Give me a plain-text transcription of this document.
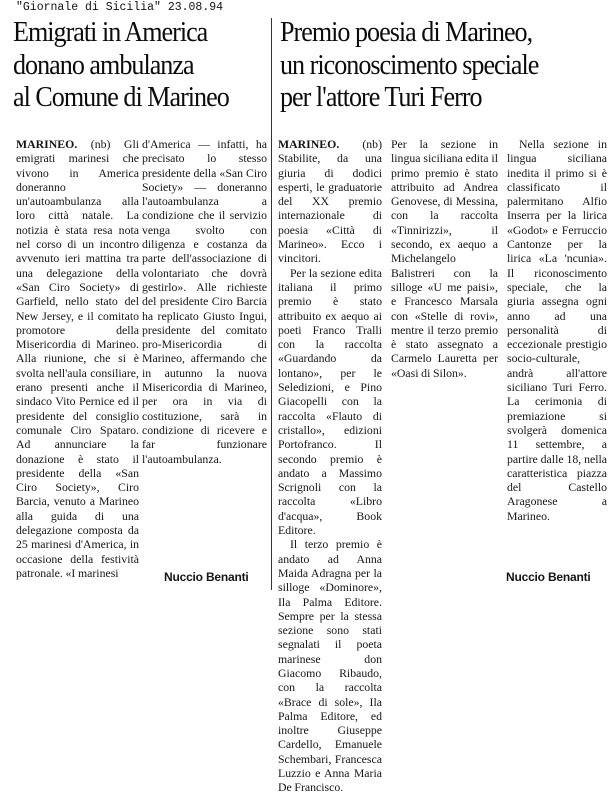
"Giornale di Sicilia" 23.08.94
Emigrati in America
donano ambulanza
al Comune di Marineo
Premio poesia di Marineo,
un riconoscimento speciale
per l'attore Turi Ferro

MARINEO. (nb) Gli emigrati marinesi che vivono in America doneranno un'autoambulanza alla loro città natale. La notizia è stata resa nota nel corso di un incontro avvenuto ieri mattina tra una delegazione della «San Ciro Society» di Garfield, nello stato del New Jersey, e il comitato promotore della Misericordia di Marineo. Alla riunione, che si è svolta nell'aula consiliare, erano presenti anche il sindaco Vito Pernice ed il presidente del consiglio comunale Ciro Spataro. Ad annunciare la donazione è stato il presidente della «San Ciro Society», Ciro Barcia, venuto a Marineo alla guida di una delegazione composta da 25 marinesi d'America, in occasione della festività patronale. «I marinesi

d'America — infatti, ha precisato lo stesso presidente della «San Ciro Society» — doneranno l'autoambulanza a condizione che il servizio venga svolto con diligenza e costanza da parte dell'associazione di volontariato che dovrà gestirlo». Alle richieste del presidente Ciro Barcia ha replicato Giusto Ingui, presidente del comitato pro-Misericordia di Marineo, affermando che in autunno la nuova Misericordia di Marineo, per ora in via di costituzione, sarà in condizione di ricevere e far funzionare l'autoambulanza.

MARINEO. (nb) Stabilite, da una giuria di dodici esperti, le graduatorie del XX premio internazionale di poesia «Città di Marineo». Ecco i vincitori.

Per la sezione edita italiana il primo premio è stato attribuito ex aequo ai poeti Franco Tralli con la raccolta «Guardando da lontano», per le Seledizioni, e Pino Giacopelli con la raccolta «Flauto di cristallo», edizioni Portofranco. Il secondo premio è andato a Massimo Scrignoli con la raccolta «Libro d'acqua», Book Editore.

Il terzo premio è andato ad Anna Maida Adragna per la silloge «Dominore», Ila Palma Editore. Sempre per la stessa sezione sono stati segnalati il poeta marinese don Giacomo Ribaudo, con la raccolta «Brace di sole», Ila Palma Editore, ed inoltre Giuseppe Cardello, Emanuele Schembari, Francesca Luzzio e Anna Maria De Francisco.

Per la sezione in lingua siciliana edita il primo premio è stato attribuito ad Andrea Genovese, di Messina, con la raccolta «Tinnirizzi», il secondo, ex aequo a Michelangelo Balistreri con la silloge «U me paisi», e Francesco Marsala con «Stelle di rovi», mentre il terzo premio è stato assegnato a Carmelo Lauretta per «Oasi di Silon».

Nella sezione in lingua siciliana inedita il primo si è classificato il palermitano Alfio Inserra per la lirica «Godot» e Ferruccio Cantonze per la lirica «La 'ncunia». Il riconoscimento speciale, che la giuria assegna ogni anno ad una personalità di eccezionale prestigio socio-culturale, andrà all'attore siciliano Turi Ferro. La cerimonia di premiazione si svolgerà domenica 11 settembre, a partire dalle 18, nella caratteristica piazza del Castello Aragonese a Marineo.

Nuccio Benanti	Nuccio Benanti
